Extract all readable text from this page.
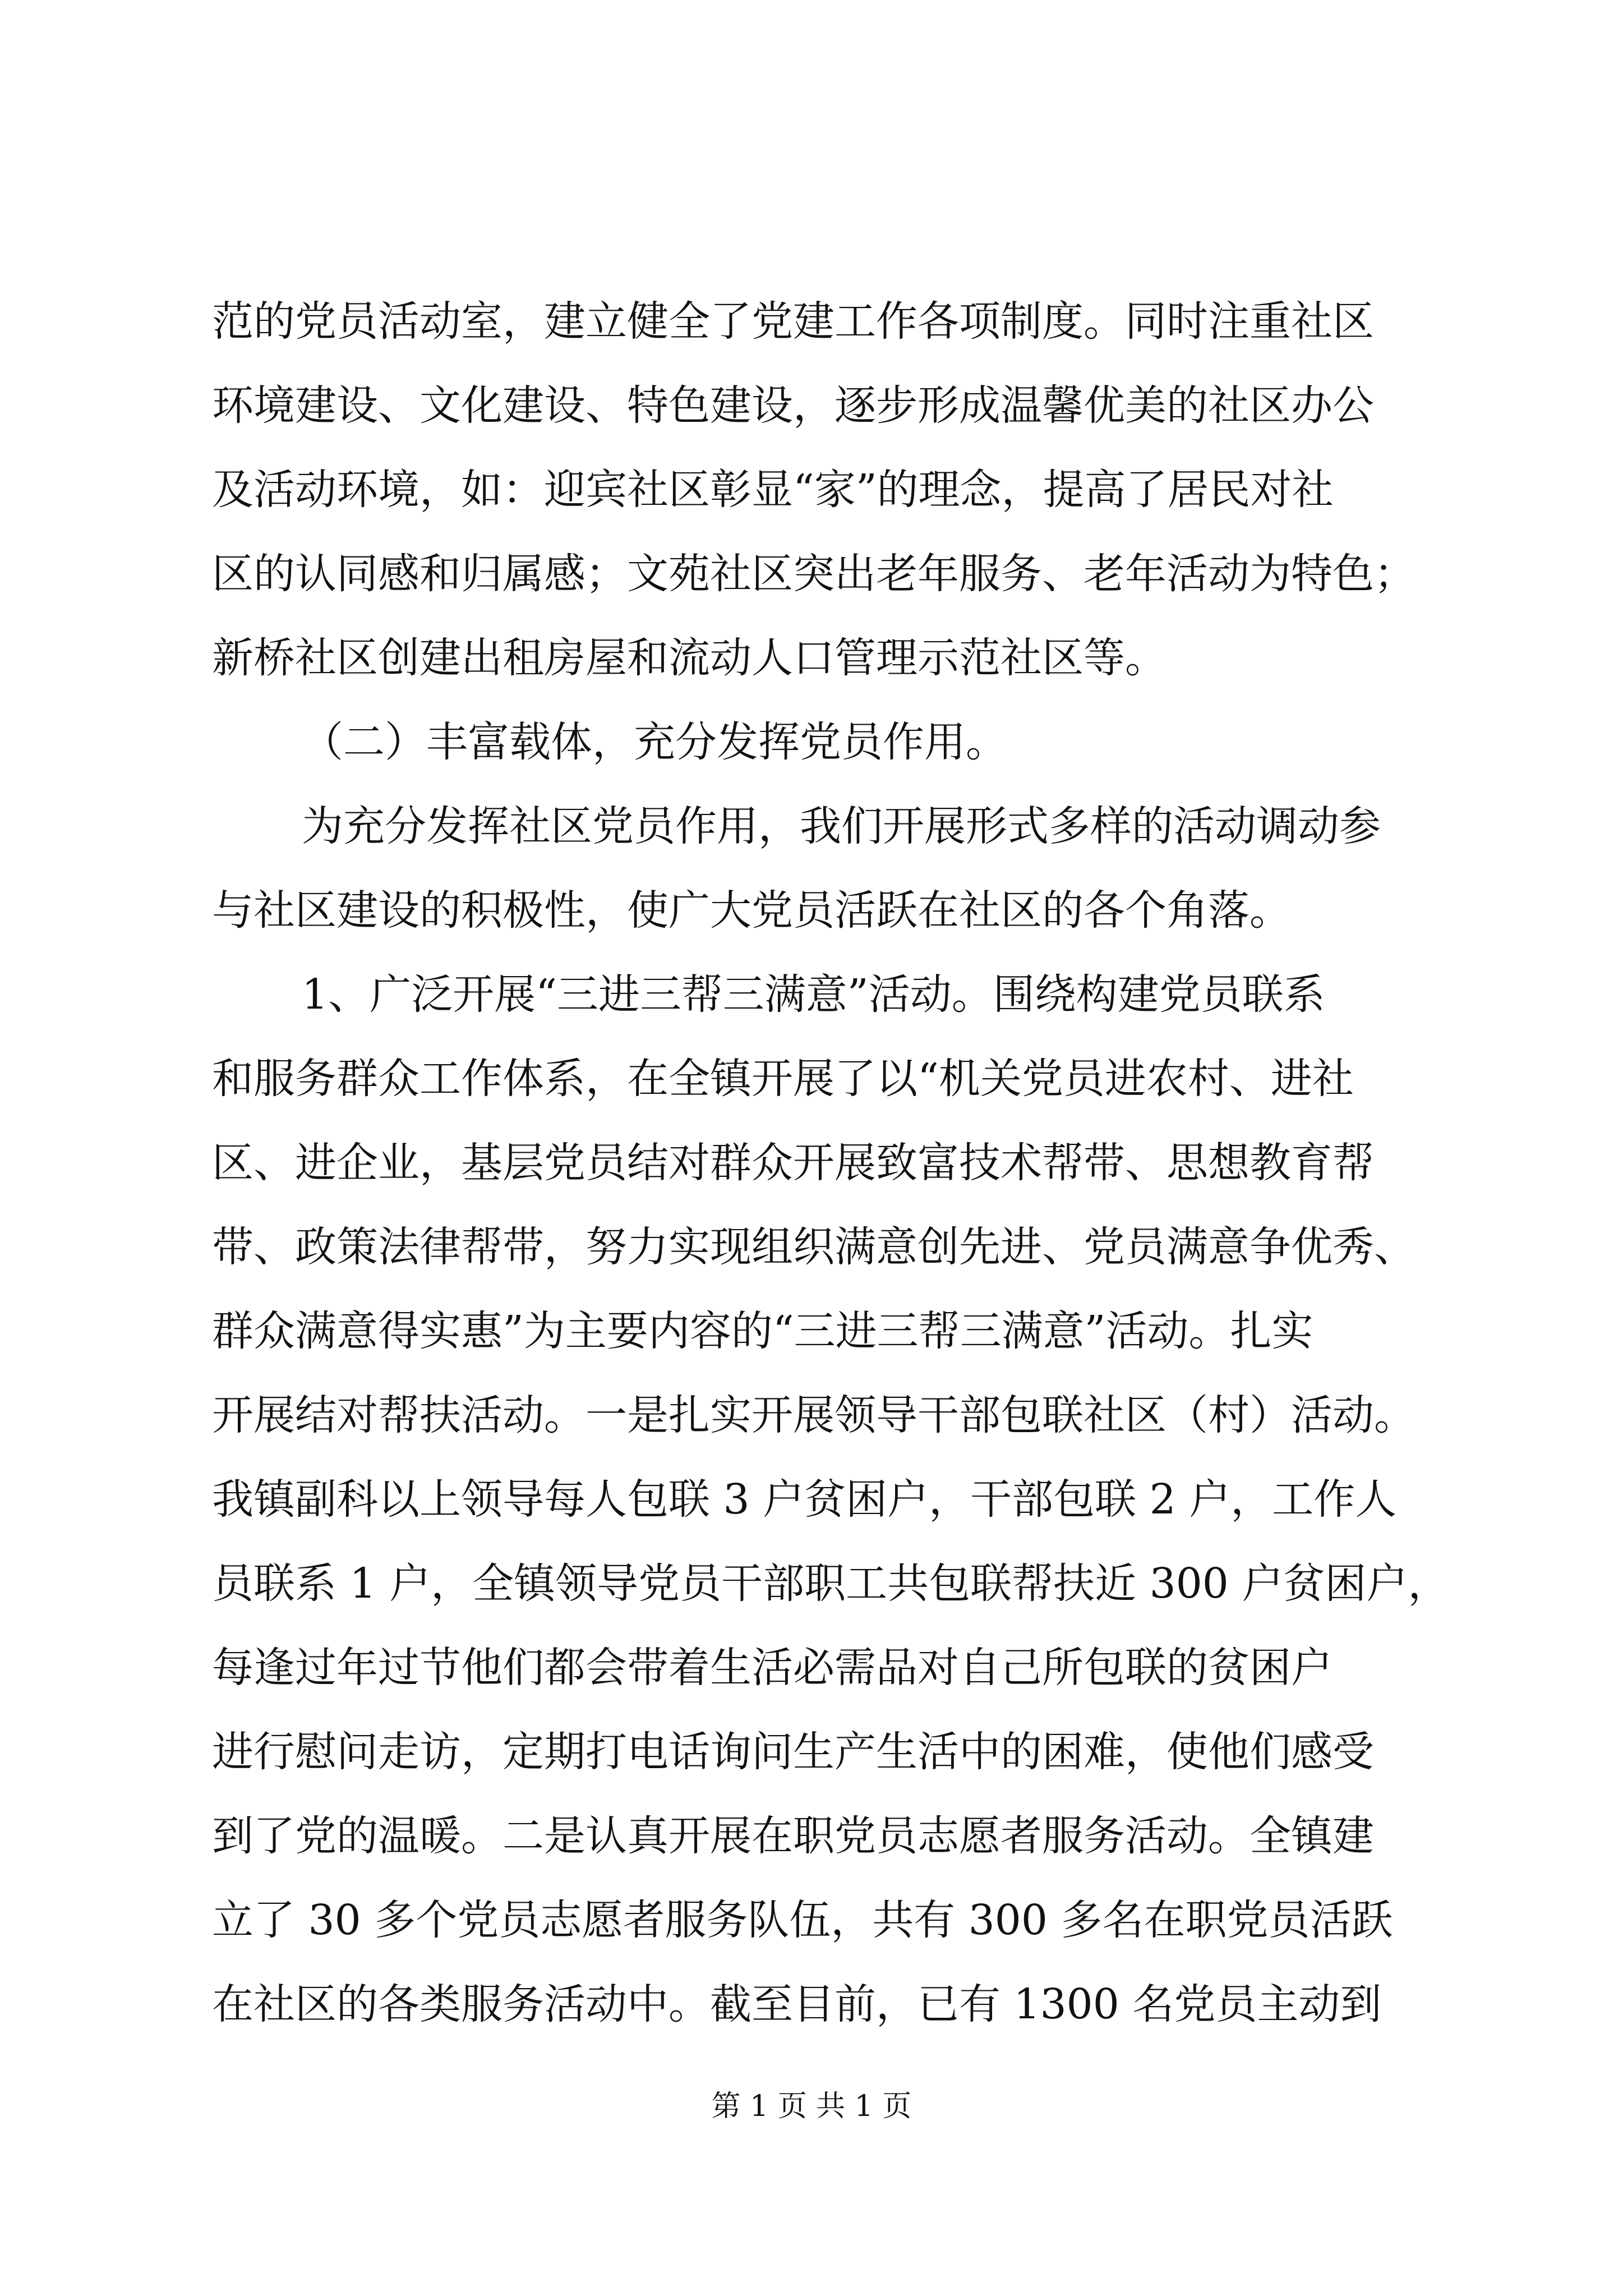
范的党员活动室，建立健全了党建工作各项制度。同时注重社区
环境建设、文化建设、特色建设，逐步形成温馨优美的社区办公
及活动环境，如：迎宾社区彰显“家”的理念，提高了居民对社
区的认同感和归属感；文苑社区突出老年服务、老年活动为特色；
新桥社区创建出租房屋和流动人口管理示范社区等。
（二）丰富载体，充分发挥党员作用。
为充分发挥社区党员作用，我们开展形式多样的活动调动参
与社区建设的积极性，使广大党员活跃在社区的各个角落。
1、广泛开展“三进三帮三满意”活动。围绕构建党员联系
和服务群众工作体系，在全镇开展了以“机关党员进农村、进社
区、进企业，基层党员结对群众开展致富技术帮带、思想教育帮
带、政策法律帮带，努力实现组织满意创先进、党员满意争优秀、
群众满意得实惠”为主要内容的“三进三帮三满意”活动。扎实
开展结对帮扶活动。一是扎实开展领导干部包联社区（村）活动。
我镇副科以上领导每人包联 3 户贫困户，干部包联 2 户，工作人
员联系 1 户，全镇领导党员干部职工共包联帮扶近 300 户贫困户，
每逢过年过节他们都会带着生活必需品对自己所包联的贫困户
进行慰问走访，定期打电话询问生产生活中的困难，使他们感受
到了党的温暖。二是认真开展在职党员志愿者服务活动。全镇建
立了 30 多个党员志愿者服务队伍，共有 300 多名在职党员活跃
在社区的各类服务活动中。截至目前，已有 1300 名党员主动到
第 1 页 共 1 页
